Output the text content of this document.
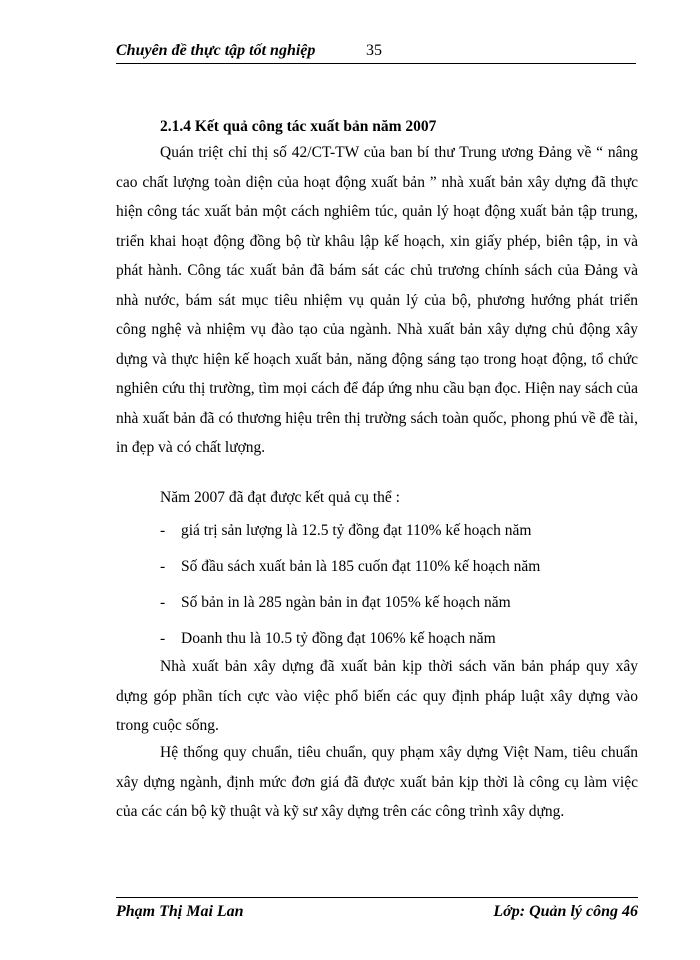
Chuyên đề thực tập tốt nghiệp	35
2.1.4 Kết quả công tác xuất bản năm 2007

Quán triệt chỉ thị số 42/CT-TW của ban bí thư Trung ương Đảng về “ nâng cao chất lượng toàn diện của hoạt động xuất bản ” nhà xuất bản xây dựng đã thực hiện công tác xuất bản một cách nghiêm túc, quản lý hoạt động xuất bản tập trung, triển khai hoạt động đồng bộ từ khâu lập kế hoạch, xin giấy phép, biên tập, in và phát hành. Công tác xuất bản đã bám sát các chủ trương chính sách của Đảng và nhà nước, bám sát mục tiêu nhiệm vụ quản lý của bộ, phương hướng phát triển công nghệ và nhiệm vụ đào tạo của ngành. Nhà xuất bản xây dựng chủ động xây dựng và thực hiện kế hoạch xuất bản, năng động sáng tạo trong hoạt động, tổ chức nghiên cứu thị trường, tìm mọi cách để đáp ứng nhu cầu bạn đọc. Hiện nay sách của nhà xuất bản đã có thương hiệu trên thị trường sách toàn quốc, phong phú về đề tài, in đẹp và có chất lượng.

Năm 2007 đã đạt được kết quả cụ thể :

- giá trị sản lượng là 12.5 tỷ đồng đạt 110% kế hoạch năm
- Số đầu sách xuất bản là 185 cuốn đạt 110% kế hoạch năm
- Số bản in là 285 ngàn bản in đạt 105% kế hoạch năm
- Doanh thu là 10.5 tỷ đồng đạt 106% kế hoạch năm

Nhà xuất bản xây dựng đã xuất bản kịp thời sách văn bản pháp quy xây dựng góp phần tích cực vào việc phổ biến các quy định pháp luật xây dựng vào trong cuộc sống.

Hệ thống quy chuẩn, tiêu chuẩn, quy phạm xây dựng Việt Nam, tiêu chuẩn xây dựng ngành, định mức đơn giá đã được xuất bản kịp thời là công cụ làm việc của các cán bộ kỹ thuật và kỹ sư xây dựng trên các công trình xây dựng.

Phạm Thị Mai Lan	Lớp: Quản lý công 46
